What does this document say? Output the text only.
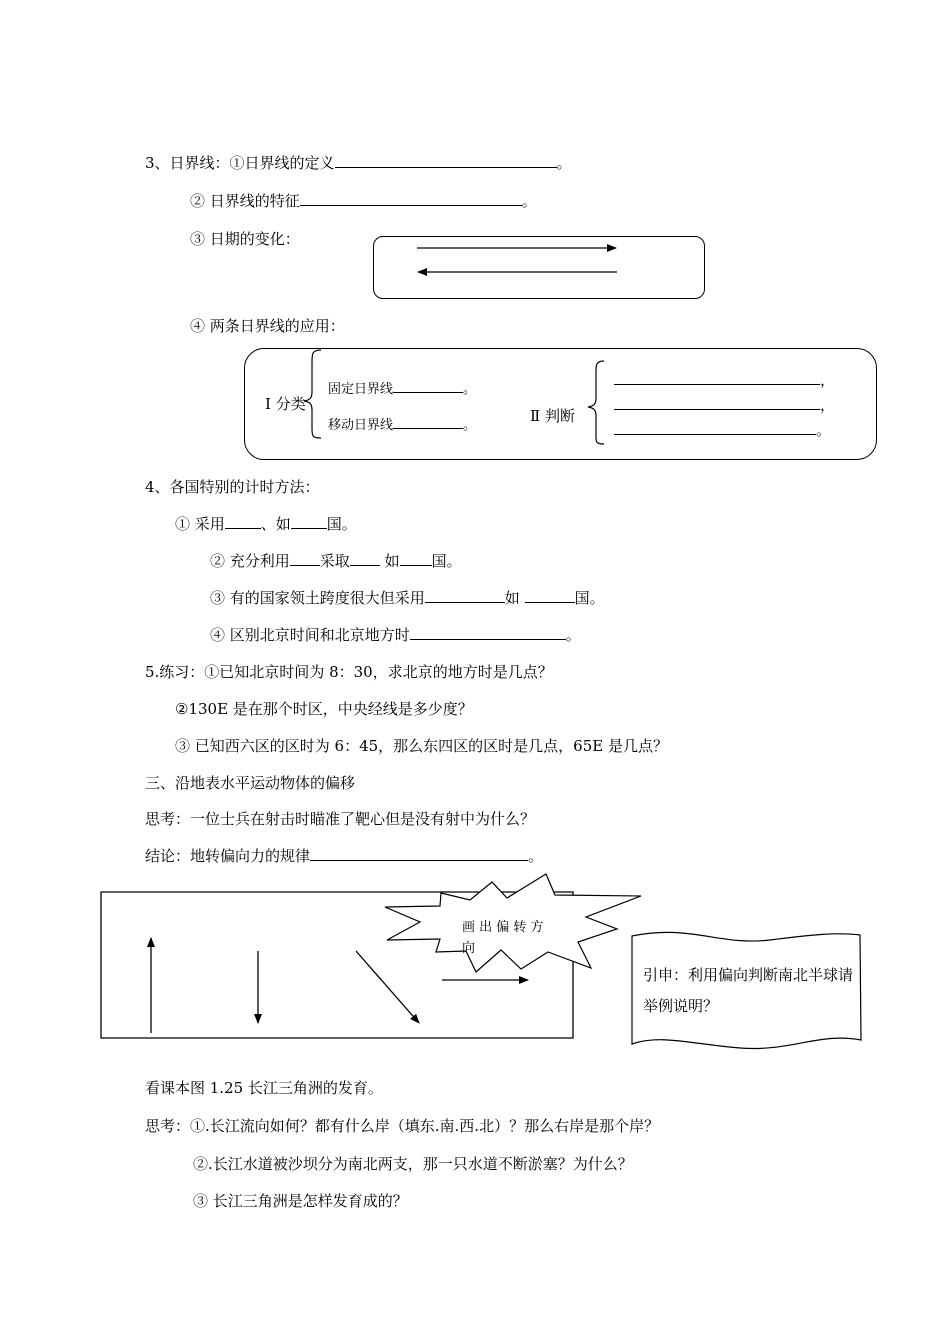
3、日界线：①日界线的定义	。
② 日界线的特征	。
③ 日期的变化：
④ 两条日界线的应用：
Ⅰ 分类
固定日界线	。
移动日界线	。
Ⅱ 判断
，
，
。
4、各国特别的计时方法：
① 采用 、如 国。
② 充分利用 采取 如 国。
③ 有的国家领土跨度很大但采用	如	国。
④ 区别北京时间和北京地方时	。
5.练习：①已知北京时间为 8：30，求北京的地方时是几点？
②130E 是在那个时区，中央经线是多少度？
③ 已知西六区的区时为 6：45，那么东四区的区时是几点，65E 是几点？
三、沿地表水平运动物体的偏移
思考：一位士兵在射击时瞄准了靶心但是没有射中为什么？
结论：地转偏向力的规律	。
画 出 偏 转 方 向
引申：利用偏向判断南北半球请举例说明？
看课本图 1.25 长江三角洲的发育。
思考：①.长江流向如何？都有什么岸（填东.南.西.北）？那么右岸是那个岸？
②.长江水道被沙坝分为南北两支，那一只水道不断淤塞？为什么？
③ 长江三角洲是怎样发育成的？
